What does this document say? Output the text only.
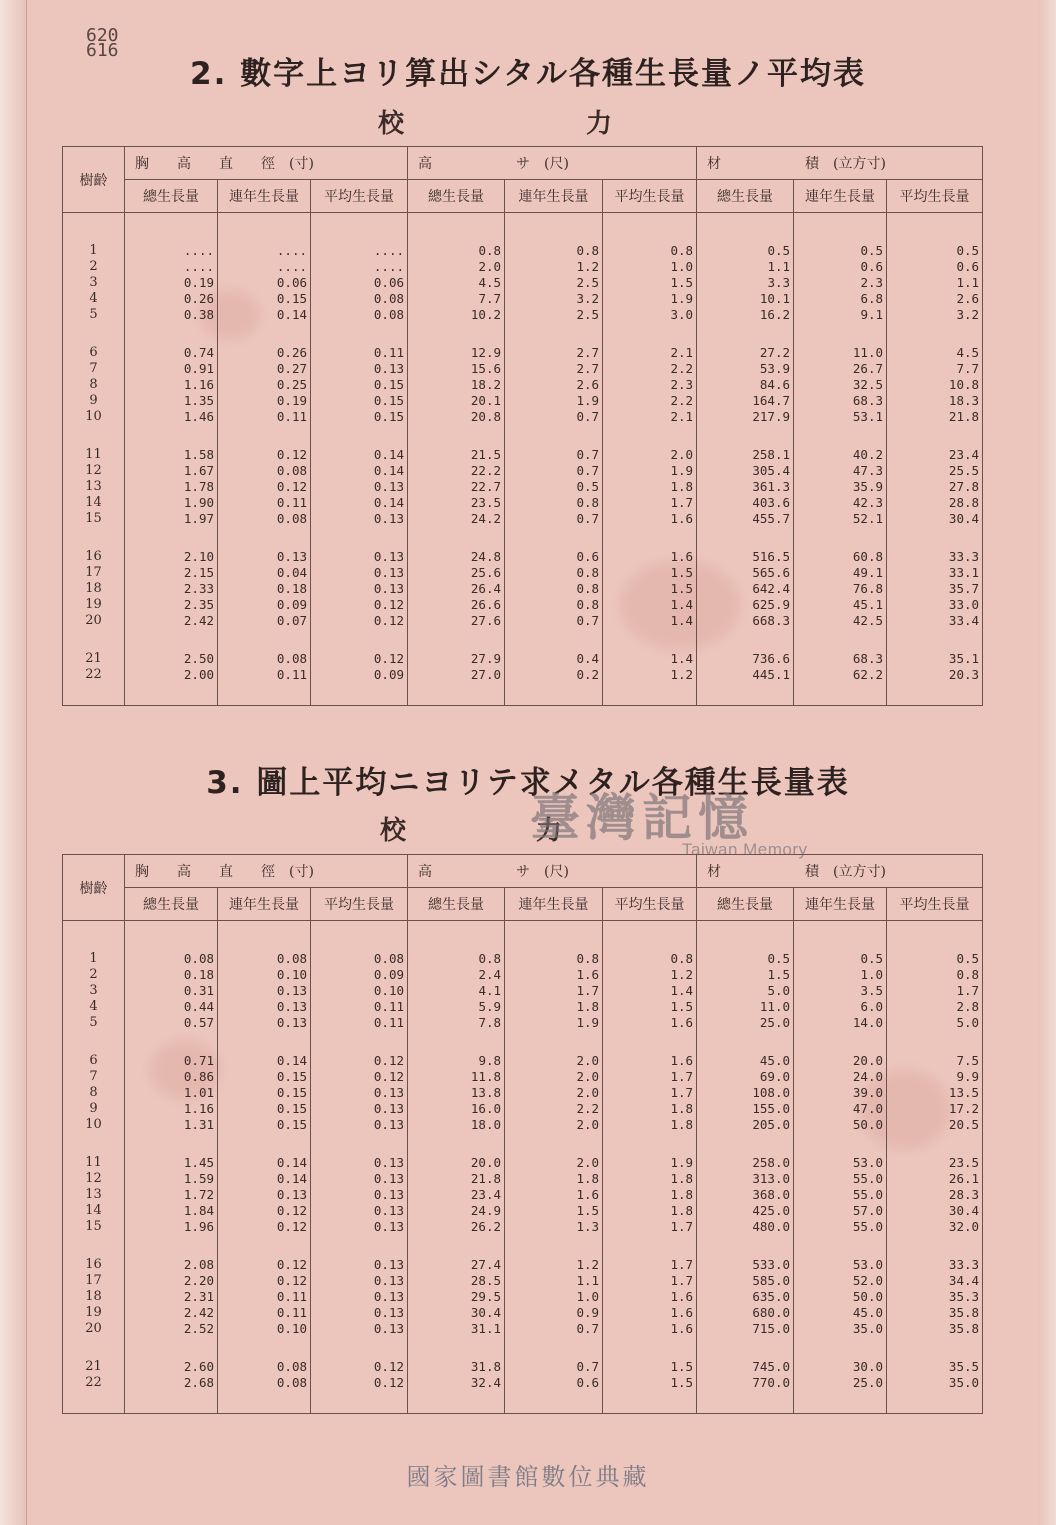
620
616
2. 數字上ヨリ算出シタル各種生長量ノ平均表
校　　　　　　　力
樹齡	胸　　高　　直　　徑　 (寸)			高　　　　　　サ　 (尺)			材　　　　　　積　 (立方寸)		
	總生長量	連年生長量	平均生長量	總生長量	連年生長量	平均生長量	總生長量	連年生長量	平均生長量

1	....	....	....	0.8	0.8	0.8	0.5	0.5	0.5
2	....	....	....	2.0	1.2	1.0	1.1	0.6	0.6
3	0.19	0.06	0.06	4.5	2.5	1.5	3.3	2.3	1.1
4	0.26	0.15	0.08	7.7	3.2	1.9	10.1	6.8	2.6
5	0.38	0.14	0.08	10.2	2.5	3.0	16.2	9.1	3.2

6	0.74	0.26	0.11	12.9	2.7	2.1	27.2	11.0	4.5
7	0.91	0.27	0.13	15.6	2.7	2.2	53.9	26.7	7.7
8	1.16	0.25	0.15	18.2	2.6	2.3	84.6	32.5	10.8
9	1.35	0.19	0.15	20.1	1.9	2.2	164.7	68.3	18.3
10	1.46	0.11	0.15	20.8	0.7	2.1	217.9	53.1	21.8

11	1.58	0.12	0.14	21.5	0.7	2.0	258.1	40.2	23.4
12	1.67	0.08	0.14	22.2	0.7	1.9	305.4	47.3	25.5
13	1.78	0.12	0.13	22.7	0.5	1.8	361.3	35.9	27.8
14	1.90	0.11	0.14	23.5	0.8	1.7	403.6	42.3	28.8
15	1.97	0.08	0.13	24.2	0.7	1.6	455.7	52.1	30.4

16	2.10	0.13	0.13	24.8	0.6	1.6	516.5	60.8	33.3
17	2.15	0.04	0.13	25.6	0.8	1.5	565.6	49.1	33.1
18	2.33	0.18	0.13	26.4	0.8	1.5	642.4	76.8	35.7
19	2.35	0.09	0.12	26.6	0.8	1.4	625.9	45.1	33.0
20	2.42	0.07	0.12	27.6	0.7	1.4	668.3	42.5	33.4

21	2.50	0.08	0.12	27.9	0.4	1.4	736.6	68.3	35.1
22	2.00	0.11	0.09	27.0	0.2	1.2	445.1	62.2	20.3

3. 圖上平均ニヨリテ求メタル各種生長量表
校　　　　　力
臺灣記憶
Taiwan Memory
樹齡	胸　　高　　直　　徑　 (寸)			高　　　　　　サ　 (尺)			材　　　　　　積　 (立方寸)		
	總生長量	連年生長量	平均生長量	總生長量	連年生長量	平均生長量	總生長量	連年生長量	平均生長量

1	0.08	0.08	0.08	0.8	0.8	0.8	0.5	0.5	0.5
2	0.18	0.10	0.09	2.4	1.6	1.2	1.5	1.0	0.8
3	0.31	0.13	0.10	4.1	1.7	1.4	5.0	3.5	1.7
4	0.44	0.13	0.11	5.9	1.8	1.5	11.0	6.0	2.8
5	0.57	0.13	0.11	7.8	1.9	1.6	25.0	14.0	5.0

6	0.71	0.14	0.12	9.8	2.0	1.6	45.0	20.0	7.5
7	0.86	0.15	0.12	11.8	2.0	1.7	69.0	24.0	9.9
8	1.01	0.15	0.13	13.8	2.0	1.7	108.0	39.0	13.5
9	1.16	0.15	0.13	16.0	2.2	1.8	155.0	47.0	17.2
10	1.31	0.15	0.13	18.0	2.0	1.8	205.0	50.0	20.5

11	1.45	0.14	0.13	20.0	2.0	1.9	258.0	53.0	23.5
12	1.59	0.14	0.13	21.8	1.8	1.8	313.0	55.0	26.1
13	1.72	0.13	0.13	23.4	1.6	1.8	368.0	55.0	28.3
14	1.84	0.12	0.13	24.9	1.5	1.8	425.0	57.0	30.4
15	1.96	0.12	0.13	26.2	1.3	1.7	480.0	55.0	32.0

16	2.08	0.12	0.13	27.4	1.2	1.7	533.0	53.0	33.3
17	2.20	0.12	0.13	28.5	1.1	1.7	585.0	52.0	34.4
18	2.31	0.11	0.13	29.5	1.0	1.6	635.0	50.0	35.3
19	2.42	0.11	0.13	30.4	0.9	1.6	680.0	45.0	35.8
20	2.52	0.10	0.13	31.1	0.7	1.6	715.0	35.0	35.8

21	2.60	0.08	0.12	31.8	0.7	1.5	745.0	30.0	35.5
22	2.68	0.08	0.12	32.4	0.6	1.5	770.0	25.0	35.0

國家圖書館數位典藏
